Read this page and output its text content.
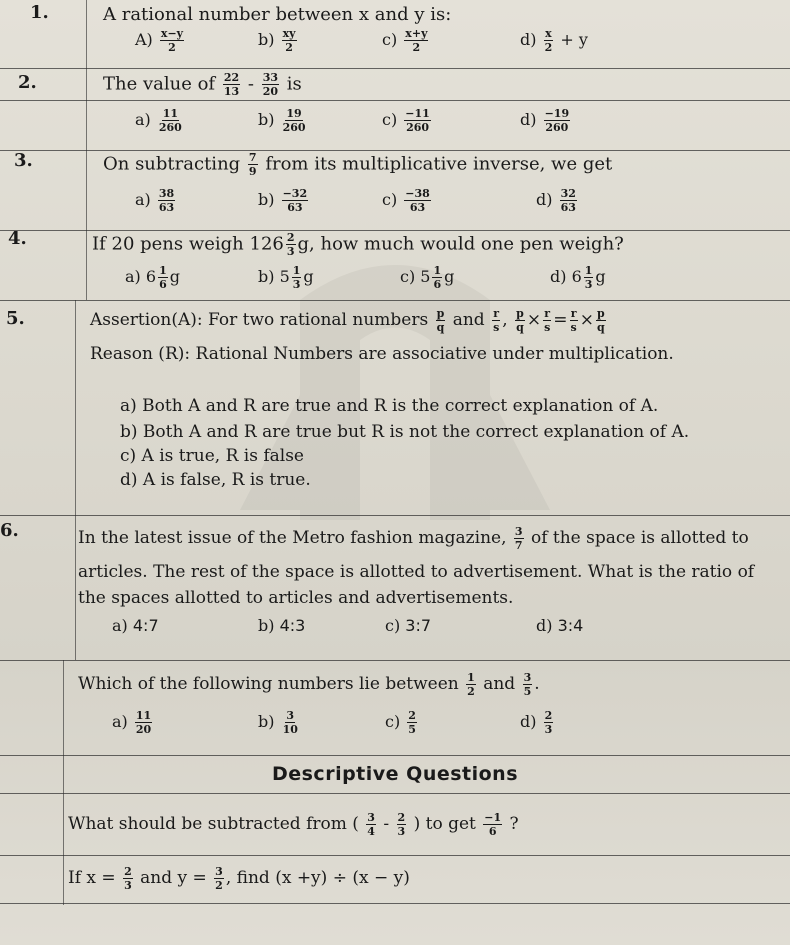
1.	A rational number between x and y is:
$A) \frac{x-y}{2}$	$b) \frac{xy}{2}$	$c) \frac{x+y}{2}$	$d) \frac{x}{2} + y$
2.	The value of $\frac{22}{13} - \frac{33}{20}$ is
$a) \frac{11}{260}$	$b) \frac{19}{260}$	$c) \frac{-11}{260}$	$d) \frac{-19}{260}$
3.	On subtracting $\frac{7}{9}$ from its multiplicative inverse, we get
$a) \frac{38}{63}$	$b) \frac{-32}{63}$	$c) \frac{-38}{63}$	$d) \frac{32}{63}$
4.	If 20 pens weigh $126 \frac{2}{3} g$, how much would one pen weigh?
a) $6 \frac{1}{6}$ g	b) $5 \frac{1}{3}$ g	c) $5 \frac{1}{6}$ g	d) $6 \frac{1}{3}$ g
5.	Assertion(A): For two rational numbers $\frac{p}{q}$ and $\frac{r}{s}$ , $\frac{p}{q} \times \frac{r}{s} = \frac{r}{s} \times \frac{p}{q}$
Reason (R): Rational Numbers are associative under multiplication.
a) Both A and R are true and R is the correct explanation of A.
b) Both A and R are true but R is not the correct explanation of A.
c) A is true, R is false
d) A is false, R is true.
6.	In the latest issue of the Metro fashion magazine, $\frac{3}{7}$ of the space is allotted to
articles. The rest of the space is allotted to advertisement. What is the ratio of
the spaces allotted to articles and advertisements.
a) 4:7	b) 4:3	c) 3:7	d) 3:4
Which of the following numbers lie between $\frac{1}{2}$ and $\frac{3}{5}$ .
$a) \frac{11}{20}$	$b) \frac{3}{10}$	$c) \frac{2}{5}$	$d) \frac{2}{3}$
Descriptive Questions
What should be subtracted from ( $\frac{3}{4} - \frac{2}{3}$ ) to get $\frac{-1}{6}$ ?
If $x = \frac{2}{3}$ and $y = \frac{3}{2}$ , find (x +y) ÷ (x − y)
